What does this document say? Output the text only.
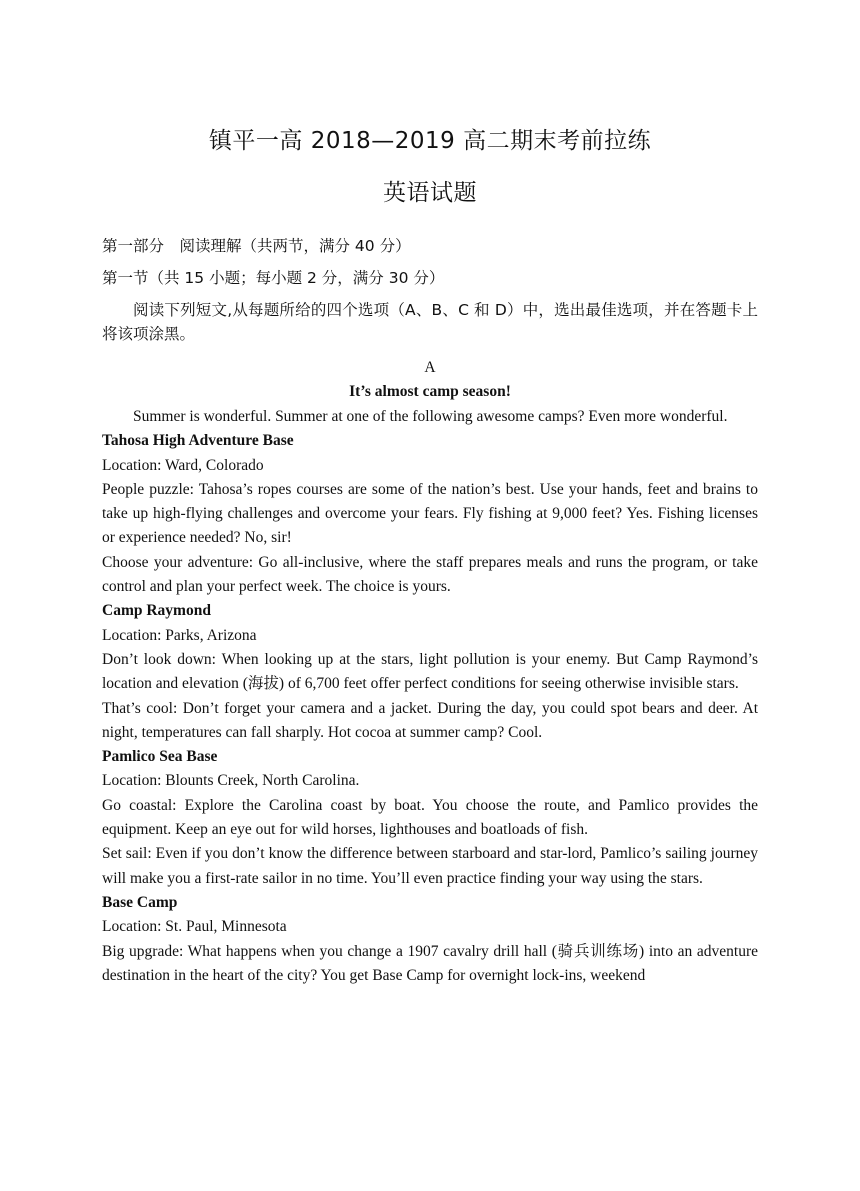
镇平一高 2018—2019 高二期末考前拉练
英语试题
第一部分　阅读理解（共两节，满分 40 分）
第一节（共 15 小题；每小题 2 分，满分 30 分）
阅读下列短文,从每题所给的四个选项（A、B、C 和 D）中，选出最佳选项，并在答题卡上将该项涂黑。
A
It’s almost camp season!

Summer is wonderful. Summer at one of the following awesome camps? Even more wonderful.

Tahosa High Adventure Base

Location: Ward, Colorado

People puzzle: Tahosa’s ropes courses are some of the nation’s best. Use your hands, feet and brains to take up high-flying challenges and overcome your fears. Fly fishing at 9,000 feet? Yes. Fishing licenses or experience needed? No, sir!

Choose your adventure: Go all-inclusive, where the staff prepares meals and runs the program, or take control and plan your perfect week. The choice is yours.

Camp Raymond

Location: Parks, Arizona

Don’t look down: When looking up at the stars, light pollution is your enemy. But Camp Raymond’s location and elevation (海拔) of 6,700 feet offer perfect conditions for seeing otherwise invisible stars.

That’s cool: Don’t forget your camera and a jacket. During the day, you could spot bears and deer. At night, temperatures can fall sharply. Hot cocoa at summer camp? Cool.

Pamlico Sea Base

Location: Blounts Creek, North Carolina.

Go coastal: Explore the Carolina coast by boat. You choose the route, and Pamlico provides the equipment. Keep an eye out for wild horses, lighthouses and boatloads of fish.

Set sail: Even if you don’t know the difference between starboard and star-lord, Pamlico’s sailing journey will make you a first-rate sailor in no time. You’ll even practice finding your way using the stars.

Base Camp

Location: St. Paul, Minnesota

Big upgrade: What happens when you change a 1907 cavalry drill hall (骑兵训练场) into an adventure destination in the heart of the city? You get Base Camp for overnight lock-ins, weekend
